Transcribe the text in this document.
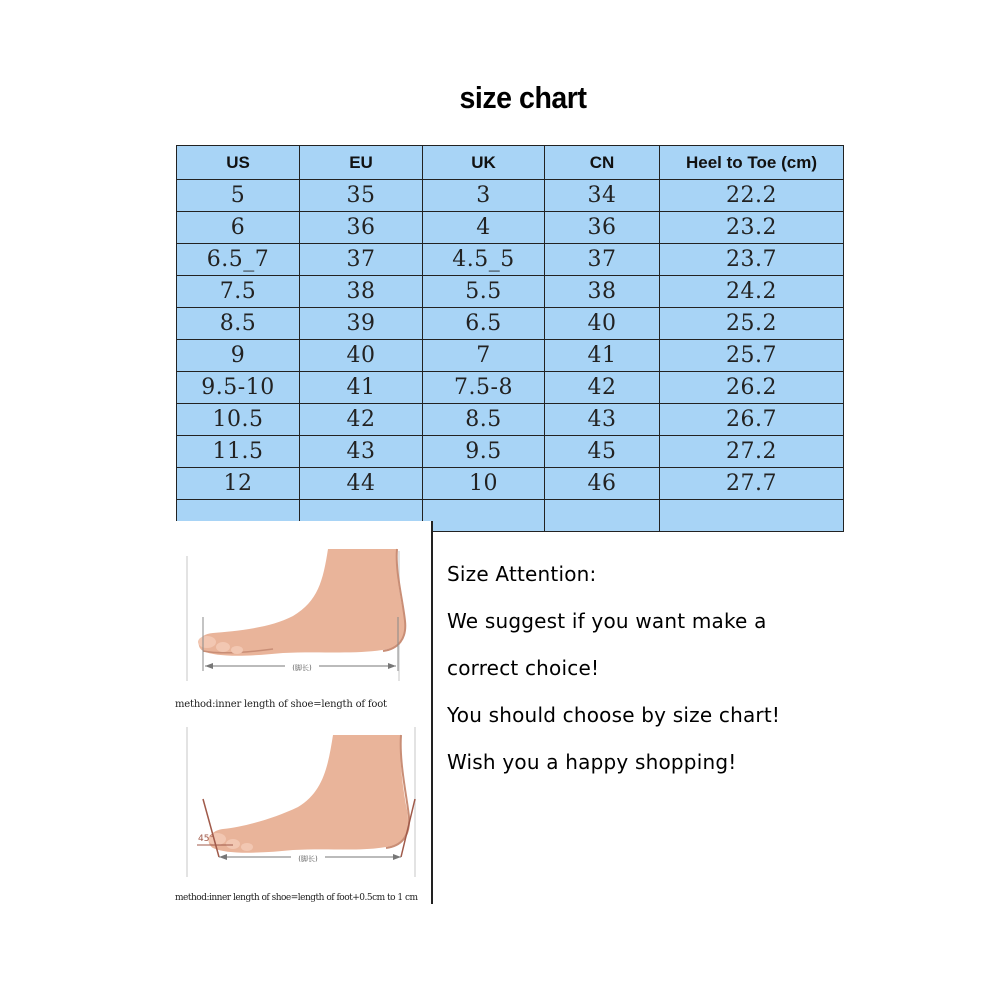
size chart
US	EU	UK	CN	Heel to Toe (cm)
5	35	3	34	22.2
6	36	4	36	23.2
6.5_7	37	4.5_5	37	23.7
7.5	38	5.5	38	24.2
8.5	39	6.5	40	25.2
9	40	7	41	25.7
9.5-10	41	7.5-8	42	26.2
10.5	42	8.5	43	26.7
11.5	43	9.5	45	27.2
12	44	10	46	27.7

(脚长)
method:inner length of shoe=length of foot
45°
(脚长)
method:inner length of shoe=length of foot+0.5cm to 1 cm
Size Attention:
We suggest if you want make a
correct choice!
You should choose by size chart!
Wish you a happy shopping!
